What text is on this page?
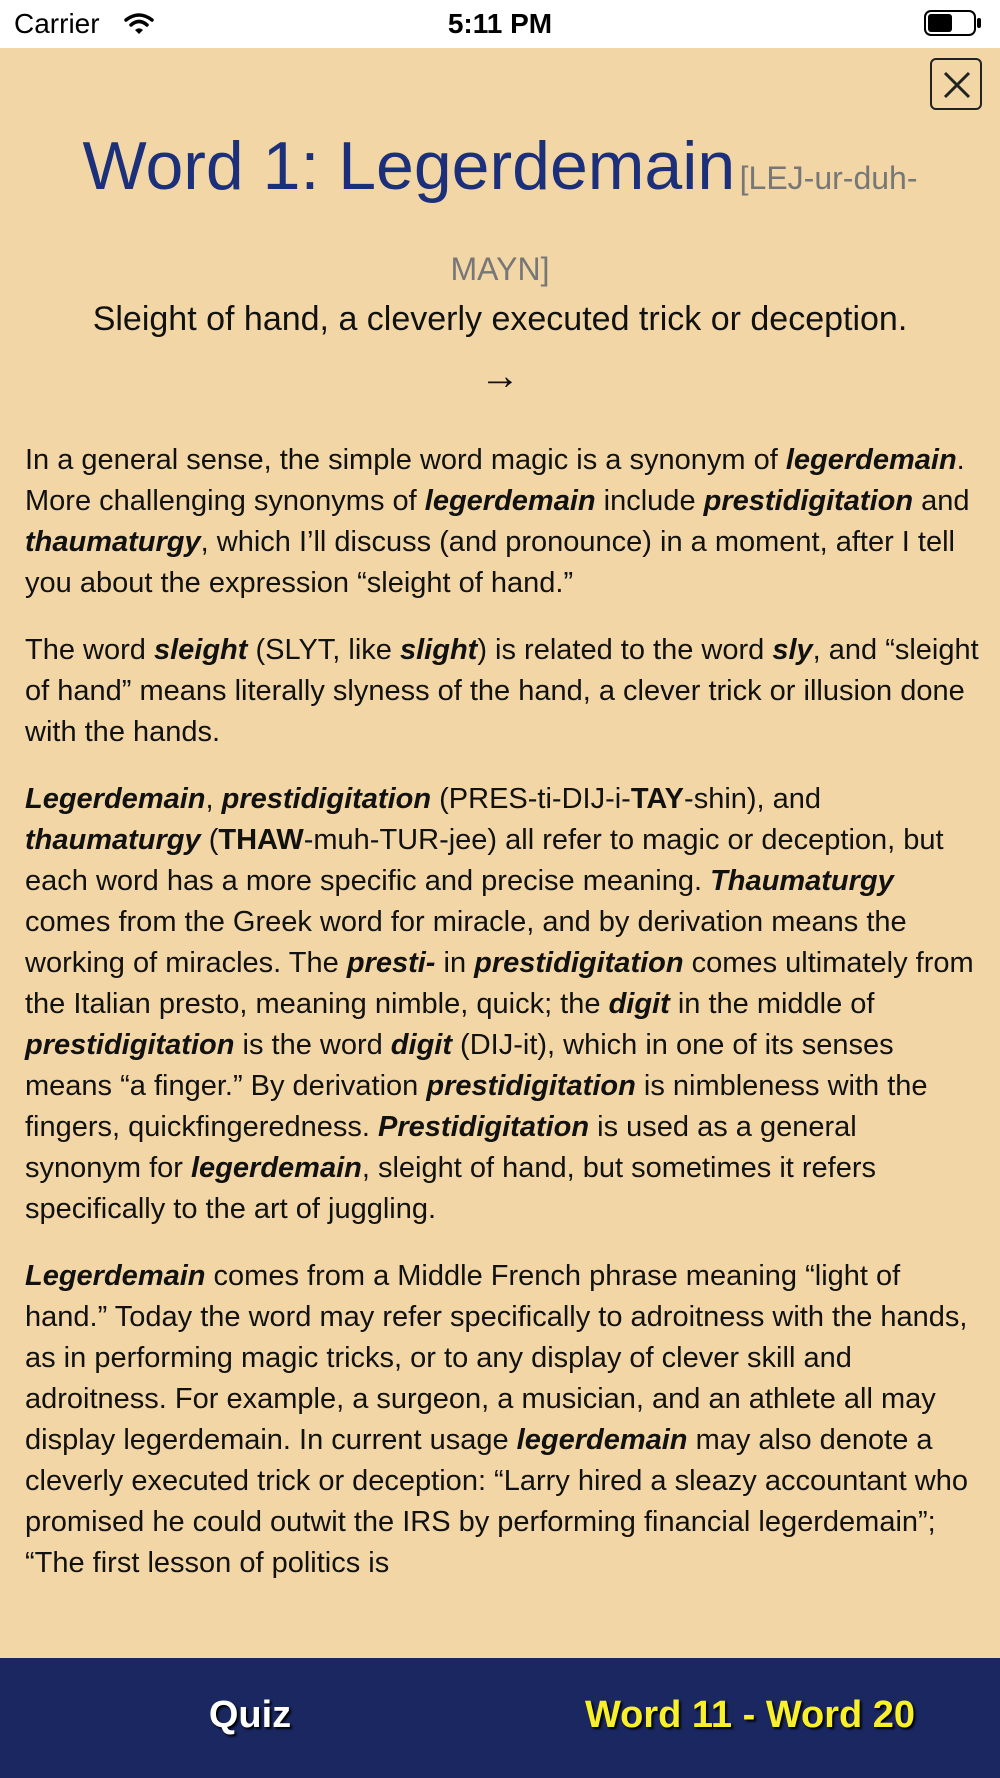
Carrier	5:11 PM
Word 1: Legerdemain [LEJ-ur-duh-MAYN]
Sleight of hand, a cleverly executed trick or deception.
→

In a general sense, the simple word magic is a synonym of legerdemain. More challenging synonyms of legerdemain include prestidigitation and thaumaturgy, which I’ll discuss (and pronounce) in a moment, after I tell you about the expression “sleight of hand.”

The word sleight (SLYT, like slight) is related to the word sly, and “sleight of hand” means literally slyness of the hand, a clever trick or illusion done with the hands.

Legerdemain, prestidigitation (PRES-ti-DIJ-i-TAY-shin), and thaumaturgy (THAW-muh-TUR-jee) all refer to magic or deception, but each word has a more specific and precise meaning. Thaumaturgy comes from the Greek word for miracle, and by derivation means the working of miracles. The presti- in prestidigitation comes ultimately from the Italian presto, meaning nimble, quick; the digit in the middle of prestidigitation is the word digit (DIJ-it), which in one of its senses means “a finger.” By derivation prestidigitation is nimbleness with the fingers, quickfingeredness. Prestidigitation is used as a general synonym for legerdemain, sleight of hand, but sometimes it refers specifically to the art of juggling.

Legerdemain comes from a Middle French phrase meaning “light of hand.” Today the word may refer specifically to adroitness with the hands, as in performing magic tricks, or to any display of clever skill and adroitness. For example, a surgeon, a musician, and an athlete all may display legerdemain. In current usage legerdemain may also denote a cleverly executed trick or deception: “Larry hired a sleazy accountant who promised he could outwit the IRS by performing financial legerdemain”; “The first lesson of politics is

Quiz	Word 11 - Word 20
